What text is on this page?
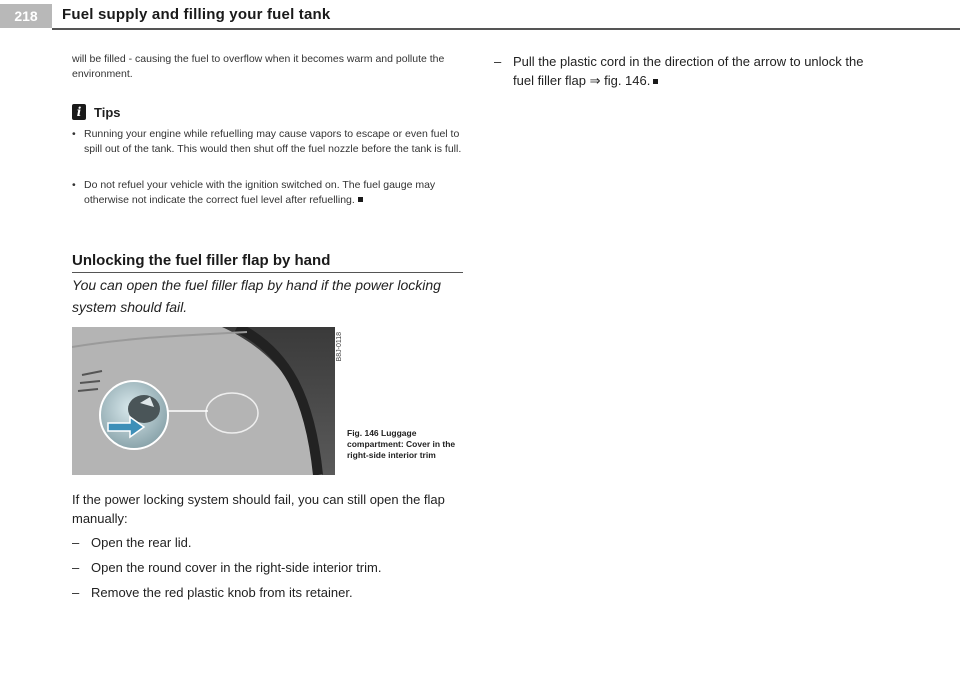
218	Fuel supply and filling your fuel tank

will be filled - causing the fuel to overflow when it becomes warm and pollute the environment.

i Tips
• Running your engine while refuelling may cause vapors to escape or even fuel to spill out of the tank. This would then shut off the fuel nozzle before the tank is full.
• Do not refuel your vehicle with the ignition switched on. The fuel gauge may otherwise not indicate the correct fuel level after refuelling.
Unlocking the fuel filler flap by hand
You can open the fuel filler flap by hand if the power locking system should fail.
B8J-0118
Fig. 146 Luggage compartment: Cover in the right-side interior trim

If the power locking system should fail, you can still open the flap manually:

– Open the rear lid.
– Open the round cover in the right-side interior trim.
– Remove the red plastic knob from its retainer.
– Pull the plastic cord in the direction of the arrow to unlock the fuel filler flap ⇒ fig. 146.
